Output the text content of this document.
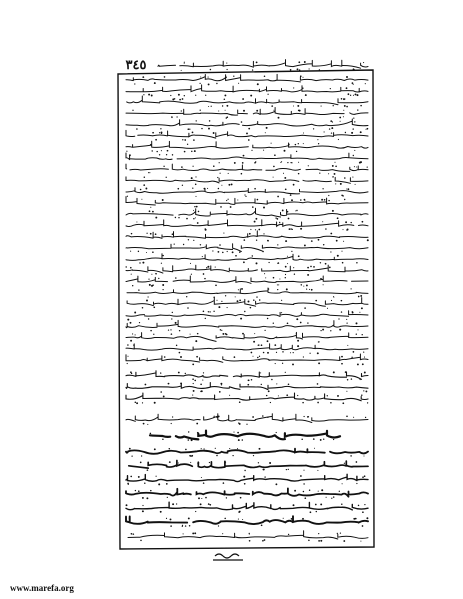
٣٤٥
www.marefa.org
